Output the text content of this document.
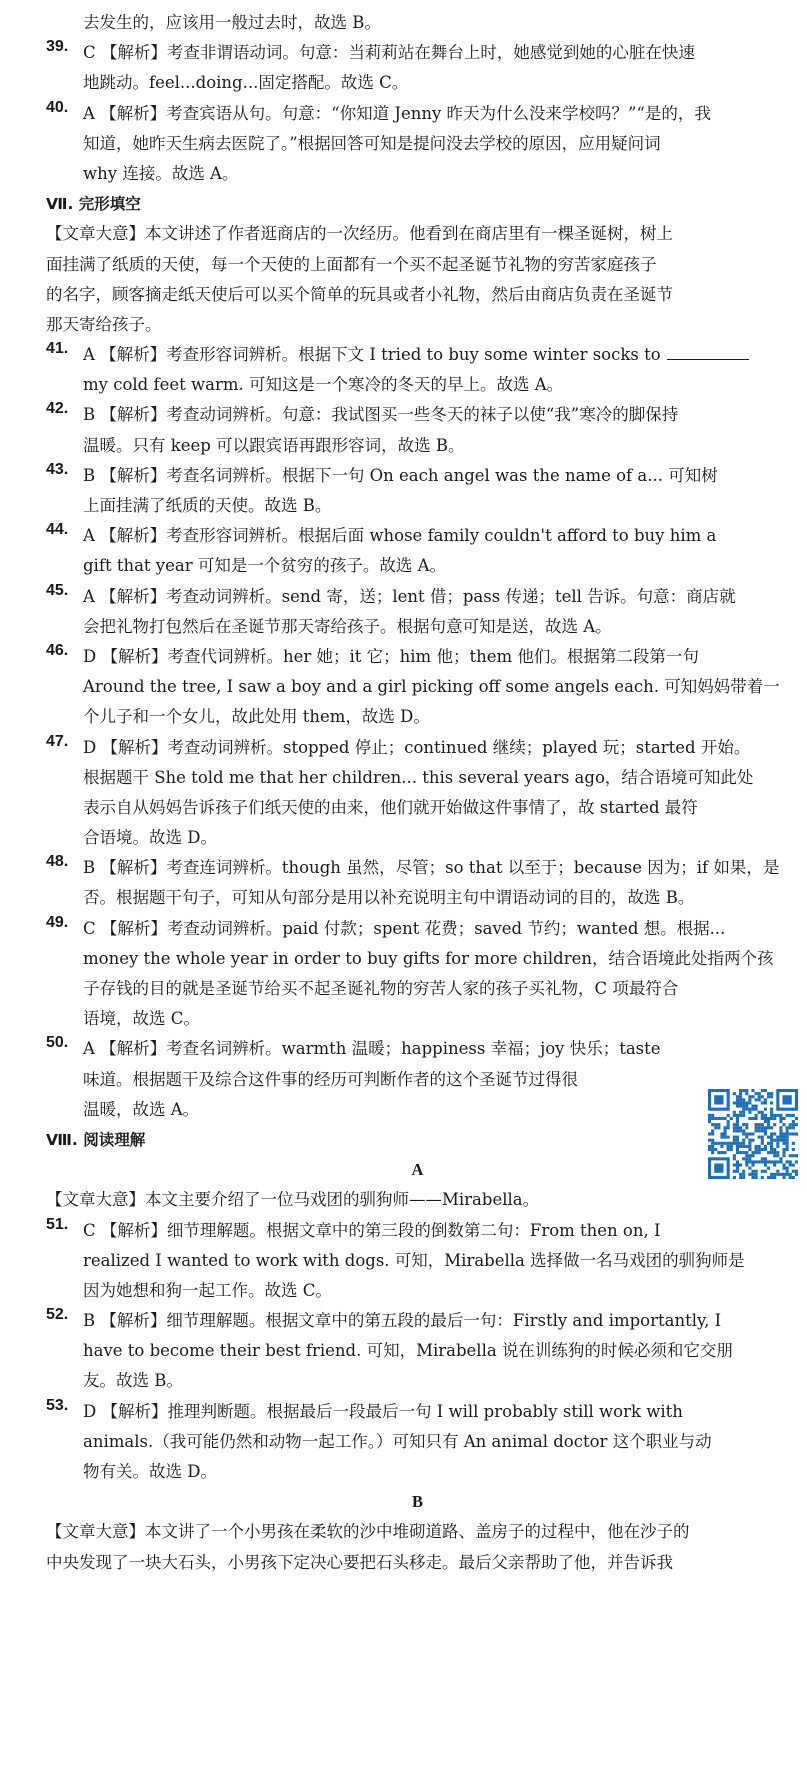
去发生的，应该用一般过去时，故选 B。
39. C 【解析】考查非谓语动词。句意：当莉莉站在舞台上时，她感觉到她的心脏在快速
地跳动。feel...doing...固定搭配。故选 C。
40. A 【解析】考查宾语从句。句意：“你知道 Jenny 昨天为什么没来学校吗？”“是的，我
知道，她昨天生病去医院了。”根据回答可知是提问没去学校的原因，应用疑问词
why 连接。故选 A。
Ⅶ. 完形填空
【文章大意】本文讲述了作者逛商店的一次经历。他看到在商店里有一棵圣诞树，树上
面挂满了纸质的天使，每一个天使的上面都有一个买不起圣诞节礼物的穷苦家庭孩子
的名字，顾客摘走纸天使后可以买个简单的玩具或者小礼物，然后由商店负责在圣诞节
那天寄给孩子。
41. A 【解析】考查形容词辨析。根据下文 I tried to buy some winter socks to
my cold feet warm. 可知这是一个寒冷的冬天的早上。故选 A。
42. B 【解析】考查动词辨析。句意：我试图买一些冬天的袜子以使“我”寒冷的脚保持
温暖。只有 keep 可以跟宾语再跟形容词，故选 B。
43. B 【解析】考查名词辨析。根据下一句 On each angel was the name of a... 可知树
上面挂满了纸质的天使。故选 B。
44. A 【解析】考查形容词辨析。根据后面 whose family couldn't afford to buy him a
gift that year 可知是一个贫穷的孩子。故选 A。
45. A 【解析】考查动词辨析。send 寄，送；lent 借；pass 传递；tell 告诉。句意：商店就
会把礼物打包然后在圣诞节那天寄给孩子。根据句意可知是送，故选 A。
46. D 【解析】考查代词辨析。her 她；it 它；him 他；them 他们。根据第二段第一句
Around the tree, I saw a boy and a girl picking off some angels each. 可知妈妈带着一
个儿子和一个女儿，故此处用 them，故选 D。
47. D 【解析】考查动词辨析。stopped 停止；continued 继续；played 玩；started 开始。
根据题干 She told me that her children... this several years ago，结合语境可知此处
表示自从妈妈告诉孩子们纸天使的由来，他们就开始做这件事情了，故 started 最符
合语境。故选 D。
48. B 【解析】考查连词辨析。though 虽然，尽管；so that 以至于；because 因为；if 如果，是
否。根据题干句子，可知从句部分是用以补充说明主句中谓语动词的目的，故选 B。
49. C 【解析】考查动词辨析。paid 付款；spent 花费；saved 节约；wanted 想。根据...
money the whole year in order to buy gifts for more children，结合语境此处指两个孩
子存钱的目的就是圣诞节给买不起圣诞礼物的穷苦人家的孩子买礼物，C 项最符合
语境，故选 C。
50. A 【解析】考查名词辨析。warmth 温暖；happiness 幸福；joy 快乐；taste
味道。根据题干及综合这件事的经历可判断作者的这个圣诞节过得很
温暖，故选 A。
Ⅷ. 阅读理解
A
【文章大意】本文主要介绍了一位马戏团的驯狗师——Mirabella。
51. C 【解析】细节理解题。根据文章中的第三段的倒数第二句：From then on, I
realized I wanted to work with dogs. 可知，Mirabella 选择做一名马戏团的驯狗师是
因为她想和狗一起工作。故选 C。
52. B 【解析】细节理解题。根据文章中的第五段的最后一句：Firstly and importantly, I
have to become their best friend. 可知，Mirabella 说在训练狗的时候必须和它交朋
友。故选 B。
53. D 【解析】推理判断题。根据最后一段最后一句 I will probably still work with
animals.（我可能仍然和动物一起工作。）可知只有 An animal doctor 这个职业与动
物有关。故选 D。
B
【文章大意】本文讲了一个小男孩在柔软的沙中堆砌道路、盖房子的过程中，他在沙子的
中央发现了一块大石头，小男孩下定决心要把石头移走。最后父亲帮助了他，并告诉我
